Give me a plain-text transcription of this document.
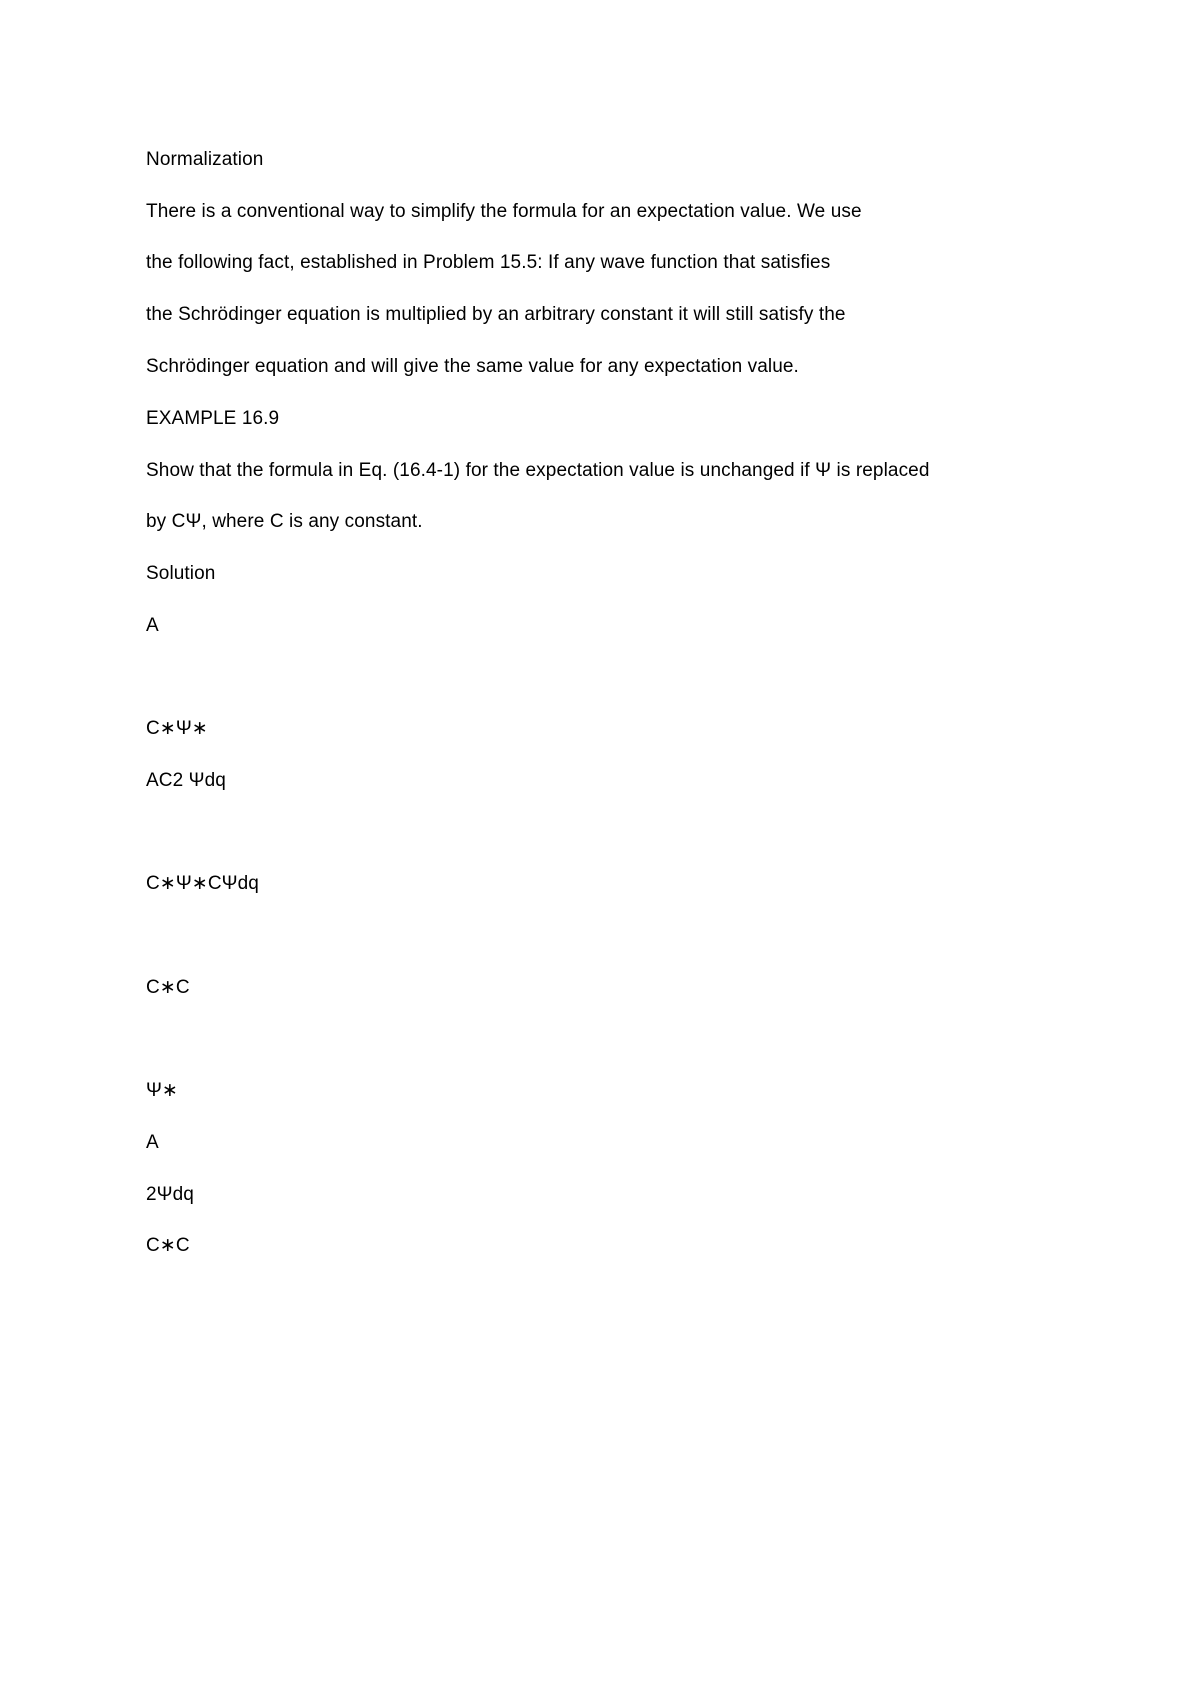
Normalization
There is a conventional way to simplify the formula for an expectation value. We use
the following fact, established in Problem 15.5: If any wave function that satisfies
the Schrödinger equation is multiplied by an arbitrary constant it will still satisfy the
Schrödinger equation and will give the same value for any expectation value.
EXAMPLE 16.9
Show that the formula in Eq. (16.4-1) for the expectation value is unchanged if Ψ is replaced
by CΨ, where C is any constant.
Solution
A
C∗Ψ∗
AC2 Ψdq
C∗Ψ∗CΨdq
C∗C
Ψ∗
A
2Ψdq
C∗C
